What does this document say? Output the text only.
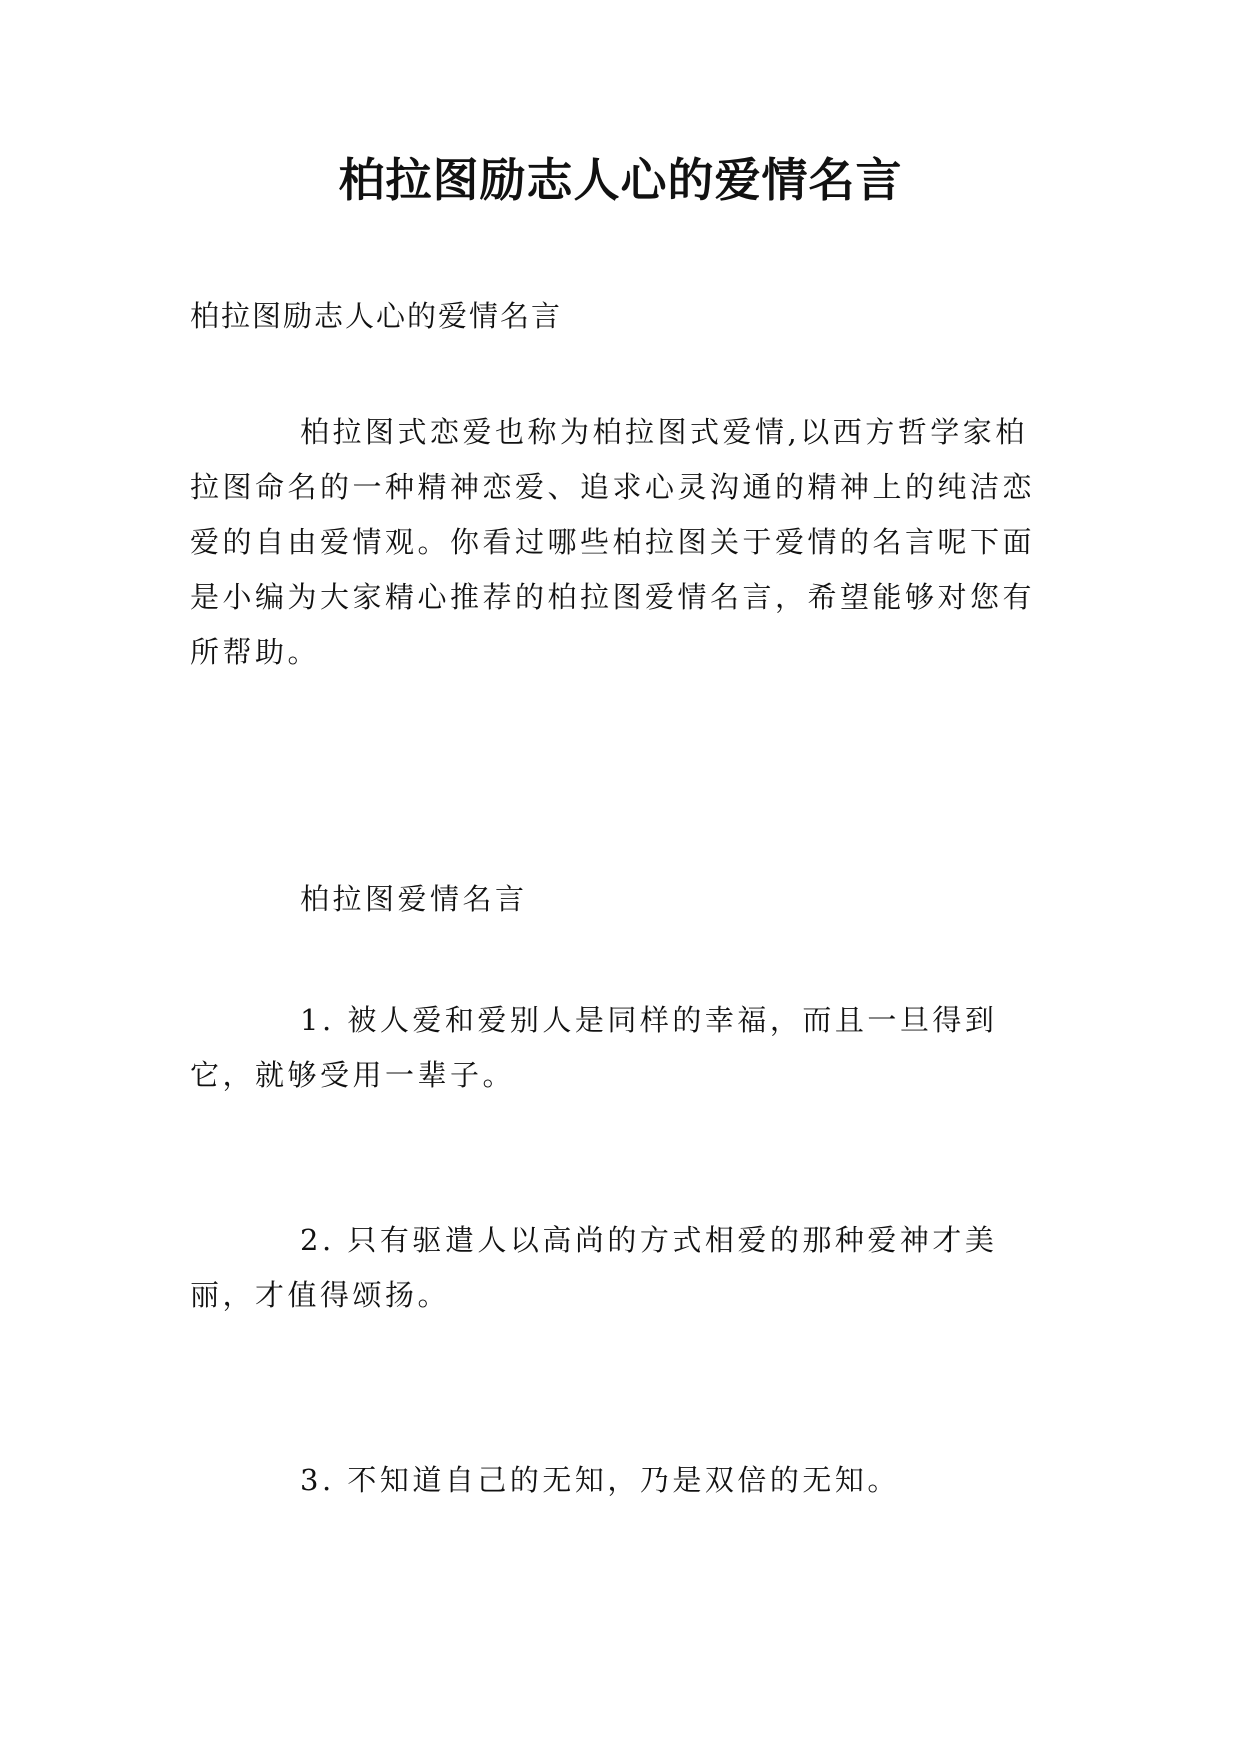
柏拉图励志人心的爱情名言

柏拉图励志人心的爱情名言

柏拉图式恋爱也称为柏拉图式爱情,以西方哲学家柏拉图命名的一种精神恋爱、追求心灵沟通的精神上的纯洁恋爱的自由爱情观。你看过哪些柏拉图关于爱情的名言呢下面是小编为大家精心推荐的柏拉图爱情名言，希望能够对您有所帮助。

柏拉图爱情名言

1. 被人爱和爱别人是同样的幸福，而且一旦得到它，就够受用一辈子。

2. 只有驱遣人以高尚的方式相爱的那种爱神才美丽，才值得颂扬。

3. 不知道自己的无知，乃是双倍的无知。
